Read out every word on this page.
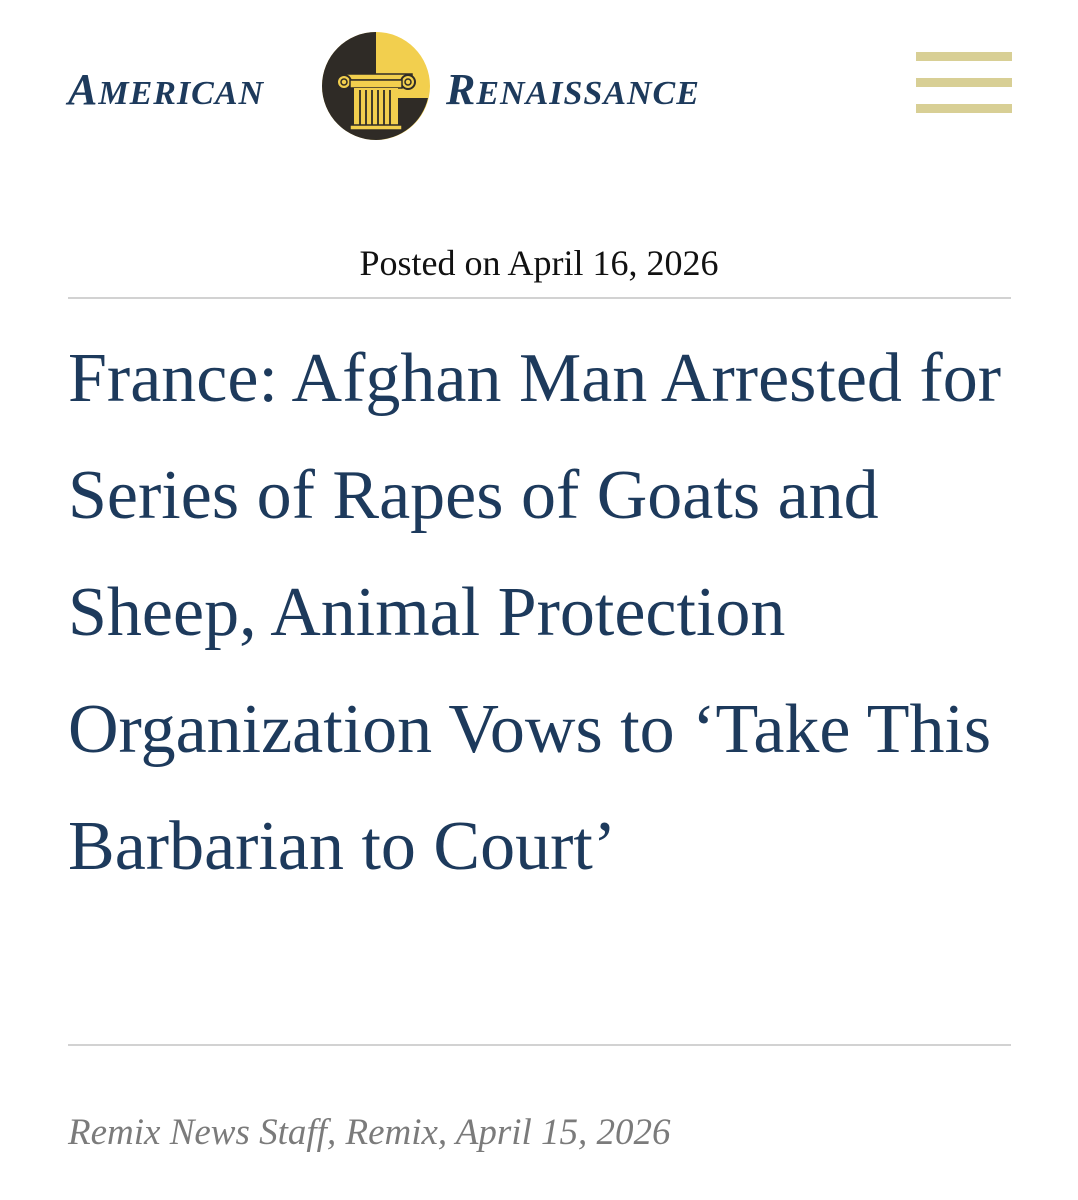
AMERICAN	RENAISSANCE
Posted on April 16, 2026
France: Afghan Man Arrested for Series of Rapes of Goats and Sheep, Animal Protection Organization Vows to ‘Take This Barbarian to Court’
Remix News Staff, Remix, April 15, 2026
